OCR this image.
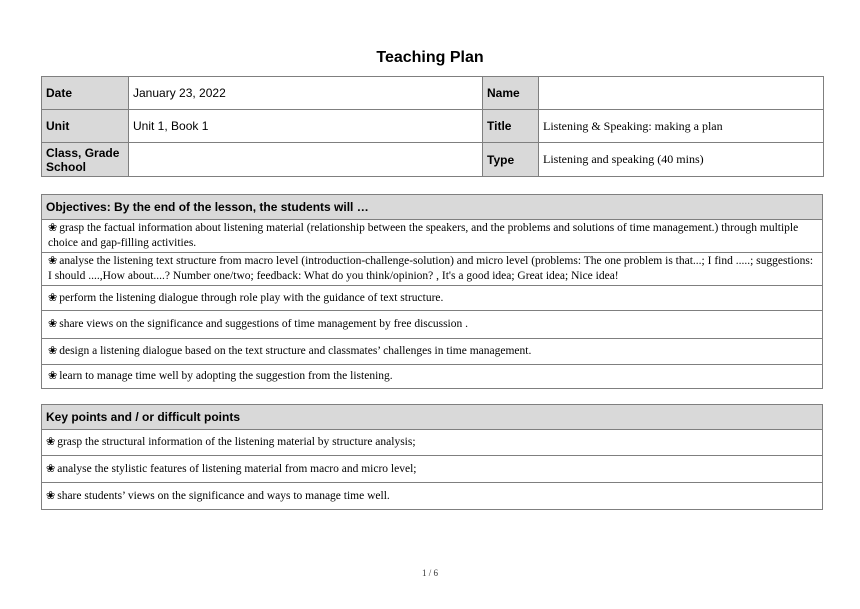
Teaching Plan
Date	January 23, 2022	Name	
Unit	Unit 1, Book 1	Title	Listening & Speaking: making a plan
Class, Grade School		Type	Listening and speaking (40 mins)
Objectives: By the end of the lesson, the students will …
❀ grasp the factual information about listening material (relationship between the speakers, and the problems and solutions of time management.) through multiple choice and gap-filling activities.
❀ analyse the listening text structure from macro level (introduction-challenge-solution) and micro level (problems: The one problem is that...; I find .....; suggestions: I should ....,How about....? Number one/two; feedback: What do you think/opinion? , It's a good idea; Great idea; Nice idea!
❀ perform the listening dialogue through role play with the guidance of text structure.
❀ share views on the significance and suggestions of time management by free discussion .
❀ design a listening dialogue based on the text structure and classmates’ challenges in time management.
❀ learn to manage time well by adopting the suggestion from the listening.
Key points and / or difficult points
❀ grasp the structural information of the listening material by structure analysis;
❀ analyse the stylistic features of listening material from macro and micro level;
❀ share students’ views on the significance and ways to manage time well.
1 / 6
